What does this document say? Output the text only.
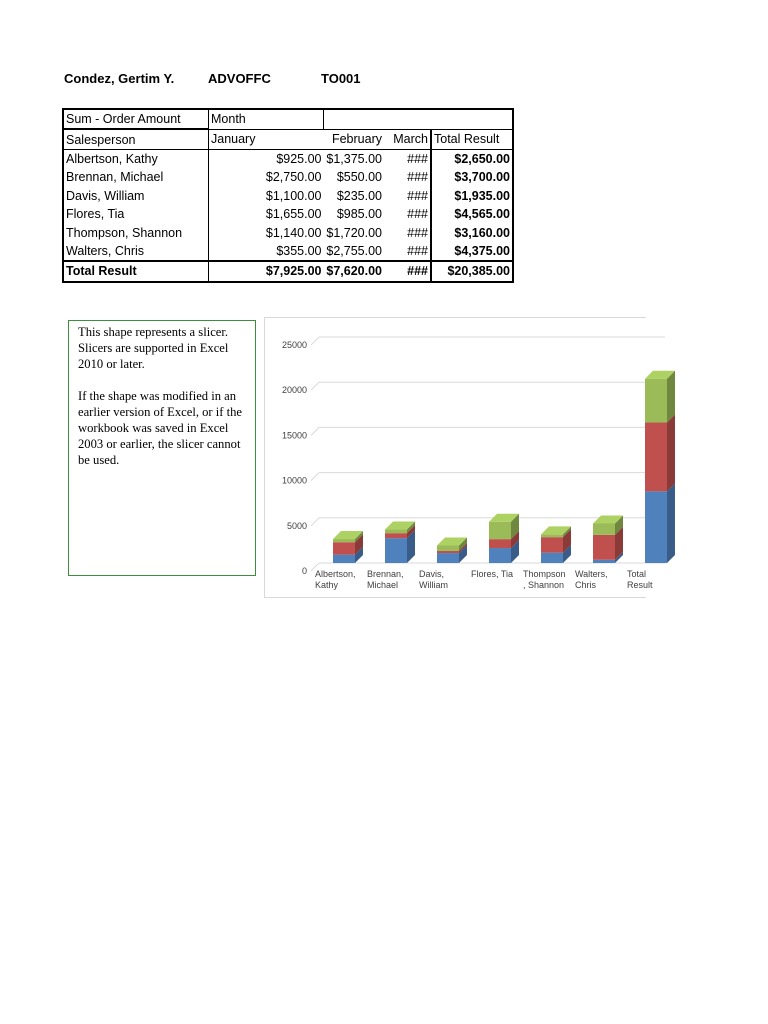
Condez, Gertim Y.	ADVOFFC	TO001
Sum - Order Amount	Month			
Salesperson	January	February	March	Total Result
Albertson, Kathy	$925.00	$1,375.00	###	$2,650.00
Brennan, Michael	$2,750.00	$550.00	###	$3,700.00
Davis, William	$1,100.00	$235.00	###	$1,935.00
Flores, Tia	$1,655.00	$985.00	###	$4,565.00
Thompson, Shannon	$1,140.00	$1,720.00	###	$3,160.00
Walters, Chris	$355.00	$2,755.00	###	$4,375.00
Total Result	$7,925.00	$7,620.00	###	$20,385.00

This shape represents a slicer. Slicers are supported in Excel 2010 or later.

If the shape was modified in an earlier version of Excel, or if the workbook was saved in Excel 2003 or earlier, the slicer cannot be used.

0
5000
10000
15000
20000
25000
Albertson,
Kathy
Brennan,
Michael
Davis,
William
Flores, Tia Thompson
, Shannon
Walters,
Chris
Total
Result
